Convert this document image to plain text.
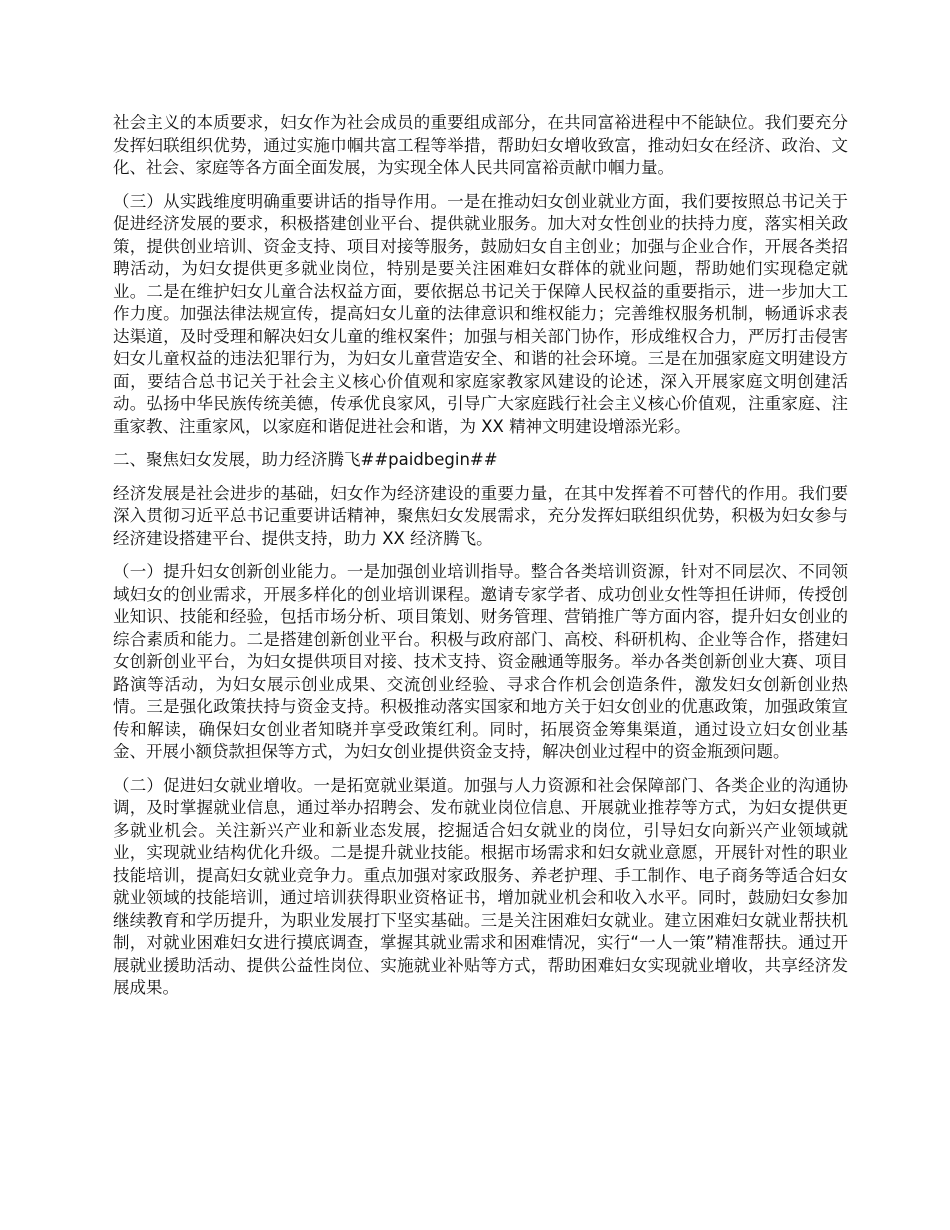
社会主义的本质要求，妇女作为社会成员的重要组成部分，在共同富裕进程中不能缺位。我们要充分发挥妇联组织优势，通过实施巾帼共富工程等举措，帮助妇女增收致富，推动妇女在经济、政治、文化、社会、家庭等各方面全面发展，为实现全体人民共同富裕贡献巾帼力量。

（三）从实践维度明确重要讲话的指导作用。一是在推动妇女创业就业方面，我们要按照总书记关于促进经济发展的要求，积极搭建创业平台、提供就业服务。加大对女性创业的扶持力度，落实相关政策，提供创业培训、资金支持、项目对接等服务，鼓励妇女自主创业；加强与企业合作，开展各类招聘活动，为妇女提供更多就业岗位，特别是要关注困难妇女群体的就业问题，帮助她们实现稳定就业。二是在维护妇女儿童合法权益方面，要依据总书记关于保障人民权益的重要指示，进一步加大工作力度。加强法律法规宣传，提高妇女儿童的法律意识和维权能力；完善维权服务机制，畅通诉求表达渠道，及时受理和解决妇女儿童的维权案件；加强与相关部门协作，形成维权合力，严厉打击侵害妇女儿童权益的违法犯罪行为，为妇女儿童营造安全、和谐的社会环境。三是在加强家庭文明建设方面，要结合总书记关于社会主义核心价值观和家庭家教家风建设的论述，深入开展家庭文明创建活动。弘扬中华民族传统美德，传承优良家风，引导广大家庭践行社会主义核心价值观，注重家庭、注重家教、注重家风，以家庭和谐促进社会和谐，为 XX 精神文明建设增添光彩。

二、聚焦妇女发展，助力经济腾飞##paidbegin##

经济发展是社会进步的基础，妇女作为经济建设的重要力量，在其中发挥着不可替代的作用。我们要深入贯彻习近平总书记重要讲话精神，聚焦妇女发展需求，充分发挥妇联组织优势，积极为妇女参与经济建设搭建平台、提供支持，助力 XX 经济腾飞。

（一）提升妇女创新创业能力。一是加强创业培训指导。整合各类培训资源，针对不同层次、不同领域妇女的创业需求，开展多样化的创业培训课程。邀请专家学者、成功创业女性等担任讲师，传授创业知识、技能和经验，包括市场分析、项目策划、财务管理、营销推广等方面内容，提升妇女创业的综合素质和能力。二是搭建创新创业平台。积极与政府部门、高校、科研机构、企业等合作，搭建妇女创新创业平台，为妇女提供项目对接、技术支持、资金融通等服务。举办各类创新创业大赛、项目路演等活动，为妇女展示创业成果、交流创业经验、寻求合作机会创造条件，激发妇女创新创业热情。三是强化政策扶持与资金支持。积极推动落实国家和地方关于妇女创业的优惠政策，加强政策宣传和解读，确保妇女创业者知晓并享受政策红利。同时，拓展资金筹集渠道，通过设立妇女创业基金、开展小额贷款担保等方式，为妇女创业提供资金支持，解决创业过程中的资金瓶颈问题。

（二）促进妇女就业增收。一是拓宽就业渠道。加强与人力资源和社会保障部门、各类企业的沟通协调，及时掌握就业信息，通过举办招聘会、发布就业岗位信息、开展就业推荐等方式，为妇女提供更多就业机会。关注新兴产业和新业态发展，挖掘适合妇女就业的岗位，引导妇女向新兴产业领域就业，实现就业结构优化升级。二是提升就业技能。根据市场需求和妇女就业意愿，开展针对性的职业技能培训，提高妇女就业竞争力。重点加强对家政服务、养老护理、手工制作、电子商务等适合妇女就业领域的技能培训，通过培训获得职业资格证书，增加就业机会和收入水平。同时，鼓励妇女参加继续教育和学历提升，为职业发展打下坚实基础。三是关注困难妇女就业。建立困难妇女就业帮扶机制，对就业困难妇女进行摸底调查，掌握其就业需求和困难情况，实行“一人一策”精准帮扶。通过开展就业援助活动、提供公益性岗位、实施就业补贴等方式，帮助困难妇女实现就业增收，共享经济发展成果。
